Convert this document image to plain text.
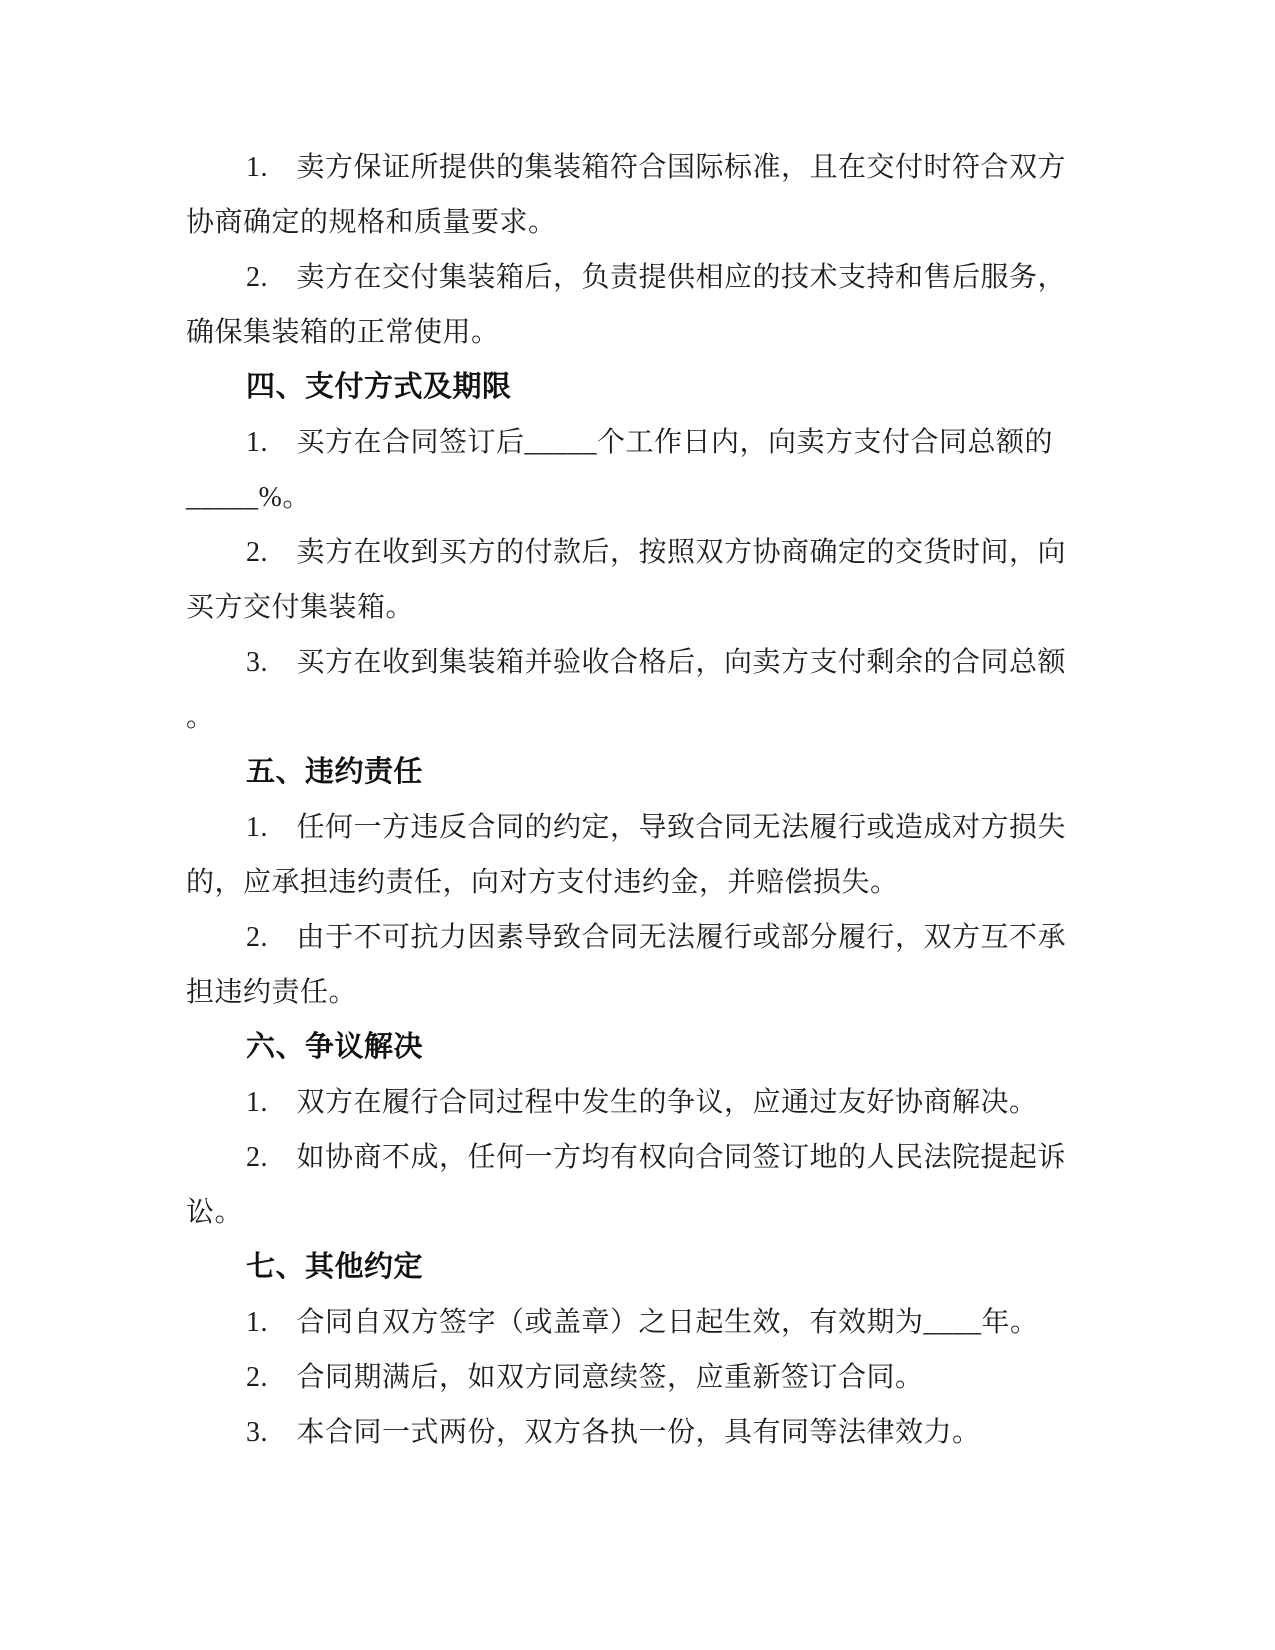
1.　卖方保证所提供的集装箱符合国际标准，且在交付时符合双方
协商确定的规格和质量要求。
2.　卖方在交付集装箱后，负责提供相应的技术支持和售后服务，
确保集装箱的正常使用。
四、支付方式及期限
1.　买方在合同签订后_____个工作日内，向卖方支付合同总额的
_____%。
2.　卖方在收到买方的付款后，按照双方协商确定的交货时间，向
买方交付集装箱。
3.　买方在收到集装箱并验收合格后，向卖方支付剩余的合同总额
。
五、违约责任
1.　任何一方违反合同的约定，导致合同无法履行或造成对方损失
的，应承担违约责任，向对方支付违约金，并赔偿损失。
2.　由于不可抗力因素导致合同无法履行或部分履行，双方互不承
担违约责任。
六、争议解决
1.　双方在履行合同过程中发生的争议，应通过友好协商解决。
2.　如协商不成，任何一方均有权向合同签订地的人民法院提起诉
讼。
七、其他约定
1.　合同自双方签字（或盖章）之日起生效，有效期为____年。
2.　合同期满后，如双方同意续签，应重新签订合同。
3.　本合同一式两份，双方各执一份，具有同等法律效力。
